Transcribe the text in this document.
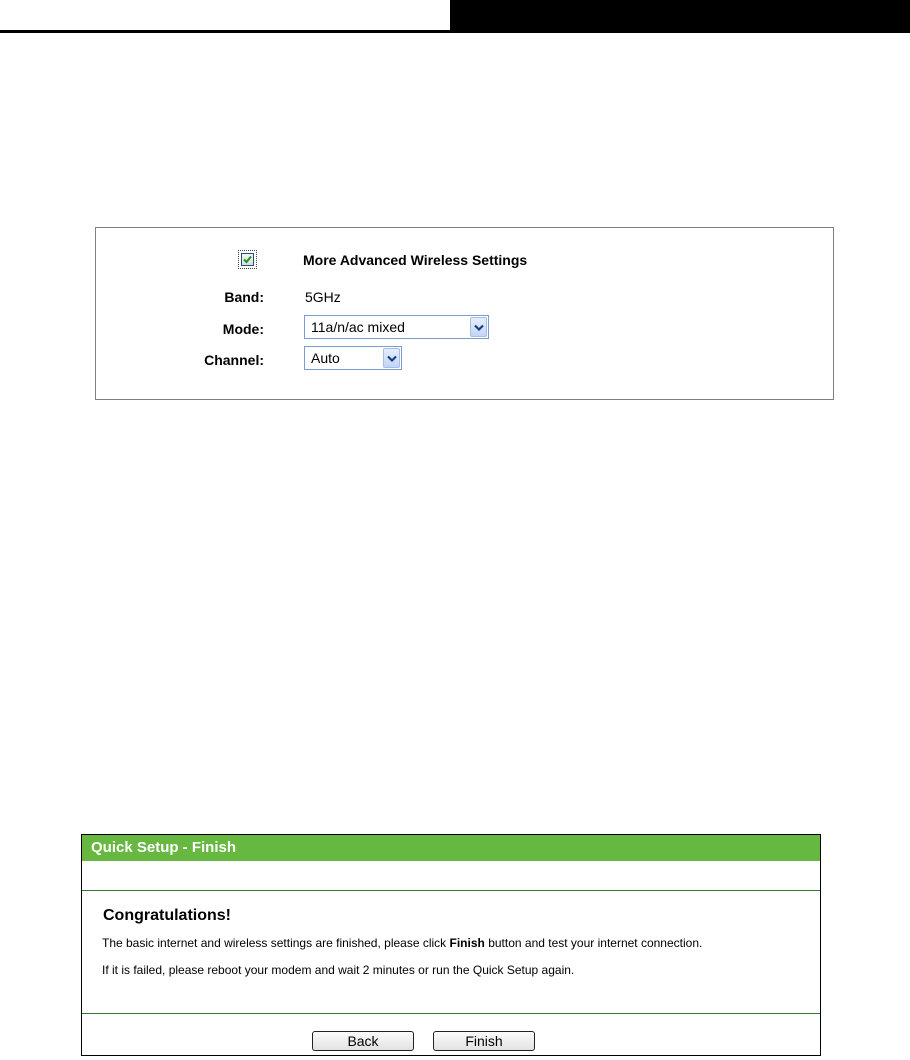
More Advanced Wireless Settings
Band:	5GHz
Mode:	11a/n/ac mixed
Channel:	Auto
Quick Setup - Finish
Congratulations!
The basic internet and wireless settings are finished, please click Finish button and test your internet connection.
If it is failed, please reboot your modem and wait 2 minutes or run the Quick Setup again.
Back	Finish
